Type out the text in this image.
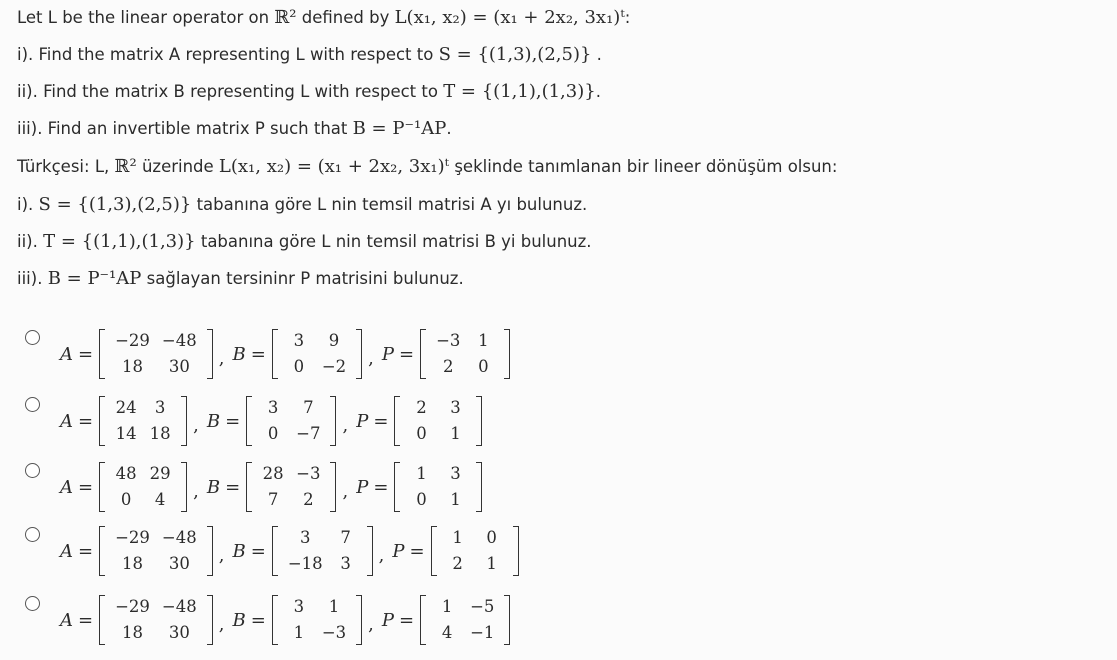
Let L be the linear operator on ℝ² defined by L(x₁, x₂) = (x₁ + 2x₂, 3x₁)ᵗ:
i). Find the matrix A representing L with respect to S = {(1,3),(2,5)} .
ii). Find the matrix B representing L with respect to T = {(1,1),(1,3)}.
iii). Find an invertible matrix P such that B = P⁻¹AP.
Türkçesi: L, ℝ² üzerinde L(x₁, x₂) = (x₁ + 2x₂, 3x₁)ᵗ şeklinde tanımlanan bir lineer dönüşüm olsun:
i). S = {(1,3),(2,5)} tabanına göre L nin temsil matrisi A yı bulunuz.
ii). T = {(1,1),(1,3)} tabanına göre L nin temsil matrisi B yi bulunuz.
iii). B = P⁻¹AP sağlayan tersininr P matrisini bulunuz.
A =
−29 −48
18	30	, B =
3	9
0	−2	, P =
−3	1
2	0
A =
24	3
14 18	, B =
3	7
0	−7	, P =
2	3
0	1
A =
48 29
0	4	, B =
28 −3
7	2	, P =
1	3
0	1
A =
−29 −48
18	30	, B =
3	7
−18	3	, P =
1	0
2	1
A =
−29 −48
18	30	, B =
3	1
1	−3	, P =
1	−5
4	−1
